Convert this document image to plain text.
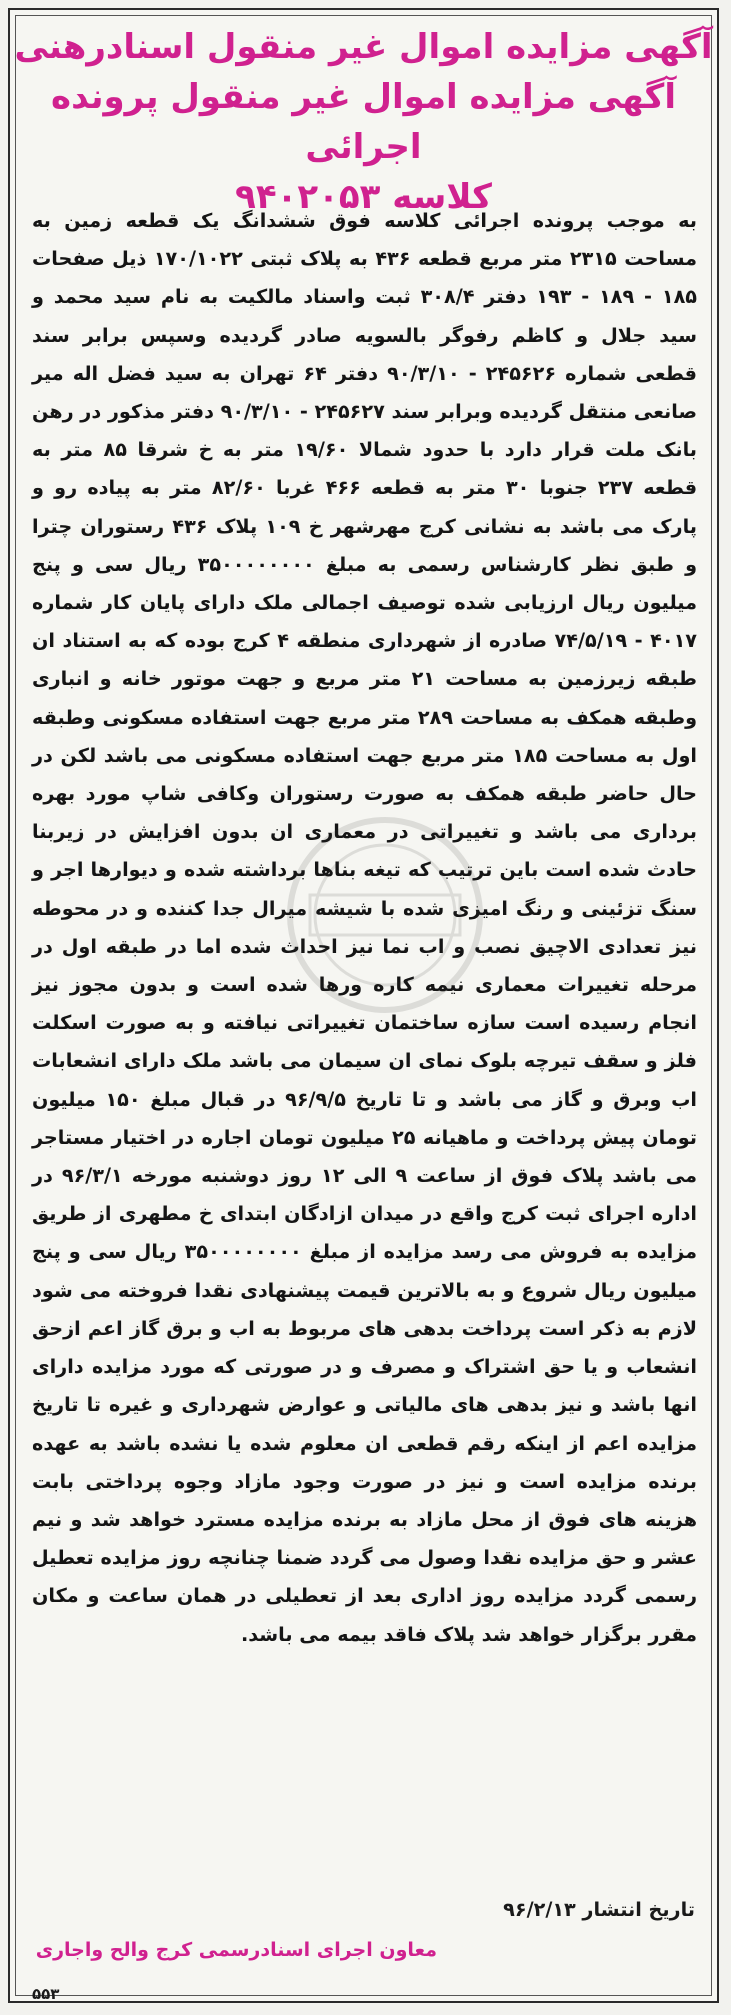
آگهی مزایده اموال غیر منقول اسنادرهنی
آگهی مزایده اموال غیر منقول پرونده اجرائی
کلاسه ۹۴۰۲۰۵۳
به موجب پرونده اجرائی کلاسه فوق ششدانگ یک قطعه زمین به مساحت ۲۳۱۵ متر مربع قطعه ۴۳۶ به پلاک ثبتی ۱۷۰/۱۰۲۲ ذیل صفحات ۱۸۵ - ۱۸۹ - ۱۹۳ دفتر ۳۰۸/۴ ثبت واسناد مالکیت به نام سید محمد و سید جلال و کاظم رفوگر بالسویه صادر گردیده وسپس برابر سند قطعی شماره ۲۴۵۶۲۶ - ۹۰/۳/۱۰ دفتر ۶۴ تهران به سید فضل اله میر صانعی منتقل گردیده وبرابر سند ۲۴۵۶۲۷ - ۹۰/۳/۱۰ دفتر مذکور در رهن بانک ملت قرار دارد با حدود شمالا ۱۹/۶۰ متر به خ شرقا ۸۵ متر به قطعه ۲۳۷ جنوبا ۳۰ متر به قطعه ۴۶۶ غربا ۸۲/۶۰ متر به پیاده رو و پارک می باشد به نشانی کرج مهرشهر خ ۱۰۹ پلاک ۴۳۶ رستوران چترا و طبق نظر کارشناس رسمی به مبلغ ۳۵۰۰۰۰۰۰۰۰ ریال سی و پنج میلیون ریال ارزیابی شده توصیف اجمالی ملک دارای پایان کار شماره ۴۰۱۷ - ۷۴/۵/۱۹ صادره از شهرداری منطقه ۴ کرج بوده که به استناد ان طبقه زیرزمین به مساحت ۲۱ متر مربع و جهت موتور خانه و انباری وطبقه همکف به مساحت ۲۸۹ متر مربع جهت استفاده مسکونی وطبقه اول به مساحت ۱۸۵ متر مربع جهت استفاده مسکونی می باشد لکن در حال حاضر طبقه همکف به صورت رستوران وکافی شاپ مورد بهره برداری می باشد و تغییراتی در معماری ان بدون افزایش در زیربنا حادث شده است باین ترتیب که تیغه بناها برداشته شده و دیوارها اجر و سنگ تزئینی و رنگ امیزی شده با شیشه میرال جدا کننده و در محوطه نیز تعدادی الاچیق نصب و اب نما نیز احداث شده اما در طبقه اول در مرحله تغییرات معماری نیمه کاره ورها شده است و بدون مجوز نیز انجام رسیده است سازه ساختمان تغییراتی نیافته و به صورت اسکلت فلز و سقف تیرچه بلوک نمای ان سیمان می باشد ملک دارای انشعابات اب وبرق و گاز می باشد و تا تاریخ ۹۶/۹/۵ در قبال مبلغ ۱۵۰ میلیون تومان پیش پرداخت و ماهیانه ۲۵ میلیون تومان اجاره در اختیار مستاجر می باشد پلاک فوق از ساعت ۹ الی ۱۲ روز دوشنبه مورخه ۹۶/۳/۱ در اداره اجرای ثبت کرج واقع در میدان ازادگان ابتدای خ مطهری از طریق مزایده به فروش می رسد مزایده از مبلغ ۳۵۰۰۰۰۰۰۰۰ ریال سی و پنج میلیون ریال شروع و به بالاترین قیمت پیشنهادی نقدا فروخته می شود لازم به ذکر است پرداخت بدهی های مربوط به اب و برق گاز اعم ازحق انشعاب و یا حق اشتراک و مصرف و در صورتی که مورد مزایده دارای انها باشد و نیز بدهی های مالیاتی و عوارض شهرداری و غیره تا تاریخ مزایده اعم از اینکه رقم قطعی ان معلوم شده یا نشده باشد به عهده برنده مزایده است و نیز در صورت وجود مازاد وجوه پرداختی بابت هزینه های فوق از محل مازاد به برنده مزایده مسترد خواهد شد و نیم عشر و حق مزایده نقدا وصول می گردد ضمنا چنانچه روز مزایده تعطیل رسمی گردد مزایده روز اداری بعد از تعطیلی در همان ساعت و مکان مقرر برگزار خواهد شد پلاک فاقد بیمه می باشد.
تاریخ انتشار ۹۶/۲/۱۳
معاون اجرای اسنادرسمی کرج والح واجاری
۵۵۳
